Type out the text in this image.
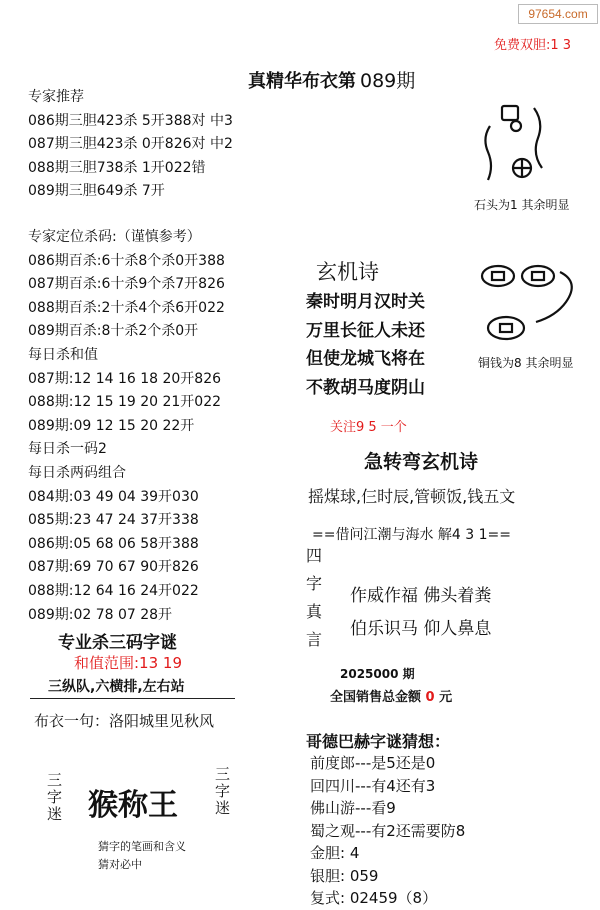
97654.com
免费双胆:1 3
真精华布衣第 089期
专家推荐
086期三胆423杀 5开388对 中3
087期三胆423杀 0开826对 中2
088期三胆738杀 1开022错
089期三胆649杀 7开
专家定位杀码:（谨慎参考）
086期百杀:6十杀8个杀0开388
087期百杀:6十杀9个杀7开826
088期百杀:2十杀4个杀6开022
089期百杀:8十杀2个杀0开
每日杀和值
087期:12 14 16 18 20开826
088期:12 15 19 20 21开022
089期:09 12 15 20 22开
每日杀一码2
每日杀两码组合
084期:03 49 04 39开030
085期:23 47 24 37开338
086期:05 68 06 58开388
087期:69 70 67 90开826
088期:12 64 16 24开022
089期:02 78 07 28开
专业杀三码字谜
和值范围:13 19
三纵队,六横排,左右站
布衣一句：洛阳城里见秋风
三字迷 猴称王 三字迷
猜字的笔画和含义
猜对必中
石头为1 其余明显
铜钱为8 其余明显
玄机诗
秦时明月汉时关
万里长征人未还
但使龙城飞将在
不教胡马度阴山
关注9 5 一个
急转弯玄机诗
摇煤球,仨时辰,管顿饭,钱五文
==借问江潮与海水 解4 3 1==
四
字
真
言
作威作福 佛头着粪
伯乐识马 仰人鼻息
2025000 期
全国销售总金额 0 元
哥德巴赫字谜猜想：
前度郎---是5还是0
回四川---有4还有3
佛山游---看9
蜀之观---有2还需要防8
金胆: 4
银胆: 059
复式: 02459（8）
